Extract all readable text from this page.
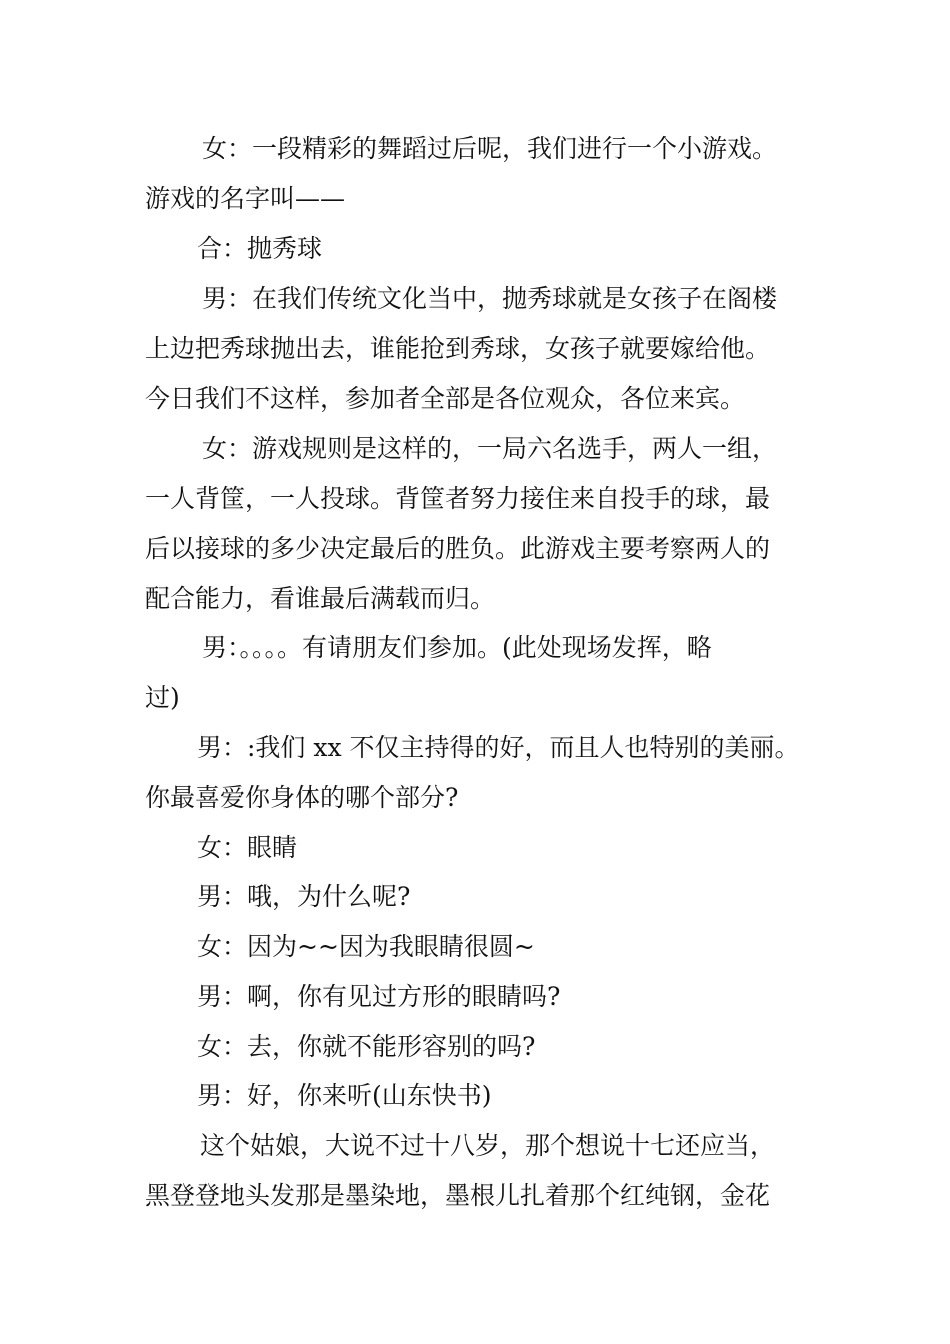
女：一段精彩的舞蹈过后呢，我们进行一个小游戏。
游戏的名字叫——
合：抛秀球
男：在我们传统文化当中，抛秀球就是女孩子在阁楼
上边把秀球抛出去，谁能抢到秀球，女孩子就要嫁给他。
今日我们不这样，参加者全部是各位观众，各位来宾。
女：游戏规则是这样的，一局六名选手，两人一组，
一人背筐，一人投球。背筐者努力接住来自投手的球，最
后以接球的多少决定最后的胜负。此游戏主要考察两人的
配合能力，看谁最后满载而归。
男：。。。。有请朋友们参加。(此处现场发挥，略
过)
男：:我们 xx 不仅主持得的好，而且人也特别的美丽。
你最喜爱你身体的哪个部分?
女：眼睛
男：哦，为什么呢?
女：因为~~因为我眼睛很圆~
男：啊，你有见过方形的眼睛吗?
女：去，你就不能形容别的吗?
男：好，你来听(山东快书)
这个姑娘，大说不过十八岁，那个想说十七还应当，
黑登登地头发那是墨染地，墨根儿扎着那个红纯钢，金花
